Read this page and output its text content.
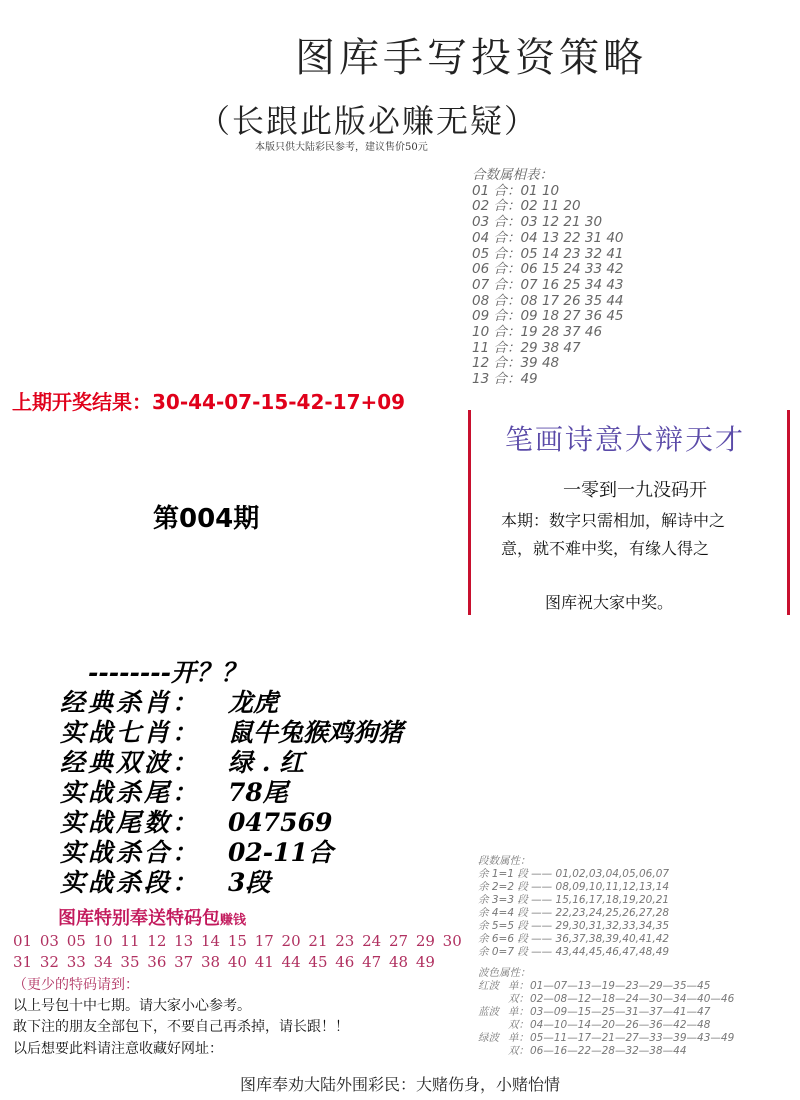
图库手写投资策略
（长跟此版必赚无疑）
本版只供大陆彩民参考，建议售价50元
合数属相表：
01 合：01 10
02 合：02 11 20
03 合：03 12 21 30
04 合：04 13 22 31 40
05 合：05 14 23 32 41
06 合：06 15 24 33 42
07 合：07 16 25 34 43
08 合：08 17 26 35 44
09 合：09 18 27 36 45
10 合：19 28 37 46
11 合：29 38 47
12 合：39 48
13 合：49
上期开奖结果：30-44-07-15-42-17+09
第004期
笔画诗意大辩天才
一零到一九没码开
本期：数字只需相加，解诗中之
意，就不难中奖，有缘人得之
图库祝大家中奖。
--------开？？
经典杀肖： 龙虎
实战七肖： 鼠牛兔猴鸡狗猪
经典双波： 绿 . 红
实战杀尾： 78尾
实战尾数： 047569
实战杀合： 02-11合
实战杀段： 3段
段数属性：
余 1=1 段 —— 01,02,03,04,05,06,07
余 2=2 段 —— 08,09,10,11,12,13,14
余 3=3 段 —— 15,16,17,18,19,20,21
余 4=4 段 —— 22,23,24,25,26,27,28
余 5=5 段 —— 29,30,31,32,33,34,35
余 6=6 段 —— 36,37,38,39,40,41,42
余 0=7 段 —— 43,44,45,46,47,48,49
波色属性：
红波 单：01—07—13—19—23—29—35—45
双：02—08—12—18—24—30—34—40—46
蓝波 单：03—09—15—25—31—37—41—47
双：04—10—14—20—26—36—42—48
绿波 单：05—11—17—21—27—33—39—43—49
双：06—16—22—28—32—38—44
图库特别奉送特码包赚钱
01 03 05 10 11 12 13 14 15 17 20 21 23 24 27 29 30
31 32 33 34 35 36 37 38 40 41 44 45 46 47 48 49
（更少的特码请到：
以上号包十中七期。请大家小心参考。
敢下注的朋友全部包下，不要自己再杀掉，请长跟！！
以后想要此料请注意收藏好网址：
图库奉劝大陆外围彩民：大赌伤身，小赌怡情
